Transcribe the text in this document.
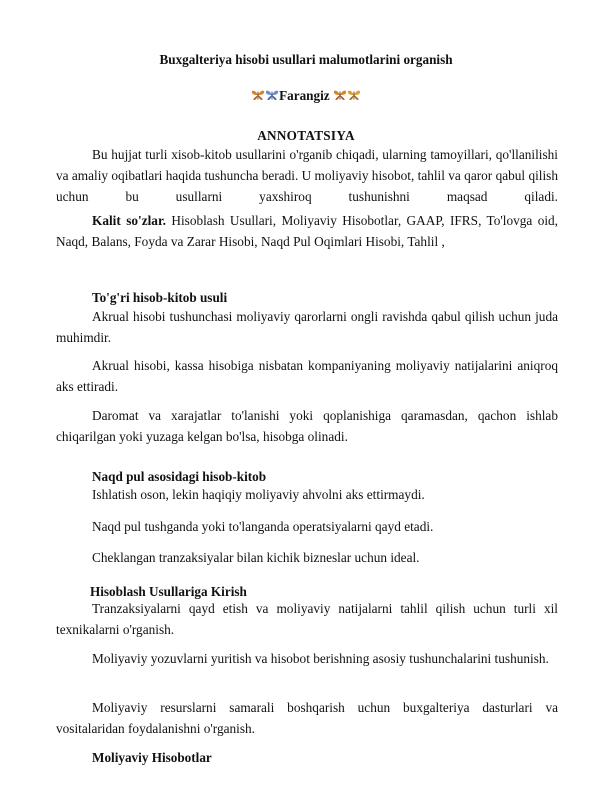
Buxgalteriya hisobi usullari malumotlarini organish
Farangiz
ANNOTATSIYA

Bu hujjat turli xisob-kitob usullarini o'rganib chiqadi, ularning tamoyillari, qo'llanilishi va amaliy oqibatlari haqida tushuncha beradi. U moliyaviy hisobot, tahlil va qaror qabul qilish uchun bu usullarni yaxshiroq tushunishni maqsad qiladi.

Kalit so'zlar. Hisoblash Usullari, Moliyaviy Hisobotlar, GAAP, IFRS, To'lovga oid, Naqd, Balans, Foyda va Zarar Hisobi, Naqd Pul Oqimlari Hisobi, Tahlil ,

To'g'ri hisob-kitob usuli

Akrual hisobi tushunchasi moliyaviy qarorlarni ongli ravishda qabul qilish uchun juda muhimdir.

Akrual hisobi, kassa hisobiga nisbatan kompaniyaning moliyaviy natijalarini aniqroq aks ettiradi.

Daromat va xarajatlar to'lanishi yoki qoplanishiga qaramasdan, qachon ishlab chiqarilgan yoki yuzaga kelgan bo'lsa, hisobga olinadi.

Naqd pul asosidagi hisob-kitob

Ishlatish oson, lekin haqiqiy moliyaviy ahvolni aks ettirmaydi.

Naqd pul tushganda yoki to'langanda operatsiyalarni qayd etadi.

Cheklangan tranzaksiyalar bilan kichik bizneslar uchun ideal.

Hisoblash Usullariga Kirish

Tranzaksiyalarni qayd etish va moliyaviy natijalarni tahlil qilish uchun turli xil texnikalarni o'rganish.

Moliyaviy yozuvlarni yuritish va hisobot berishning asosiy tushunchalarini tushunish.

Moliyaviy resurslarni samarali boshqarish uchun buxgalteriya dasturlari va vositalaridan foydalanishni o'rganish.

Moliyaviy Hisobotlar
